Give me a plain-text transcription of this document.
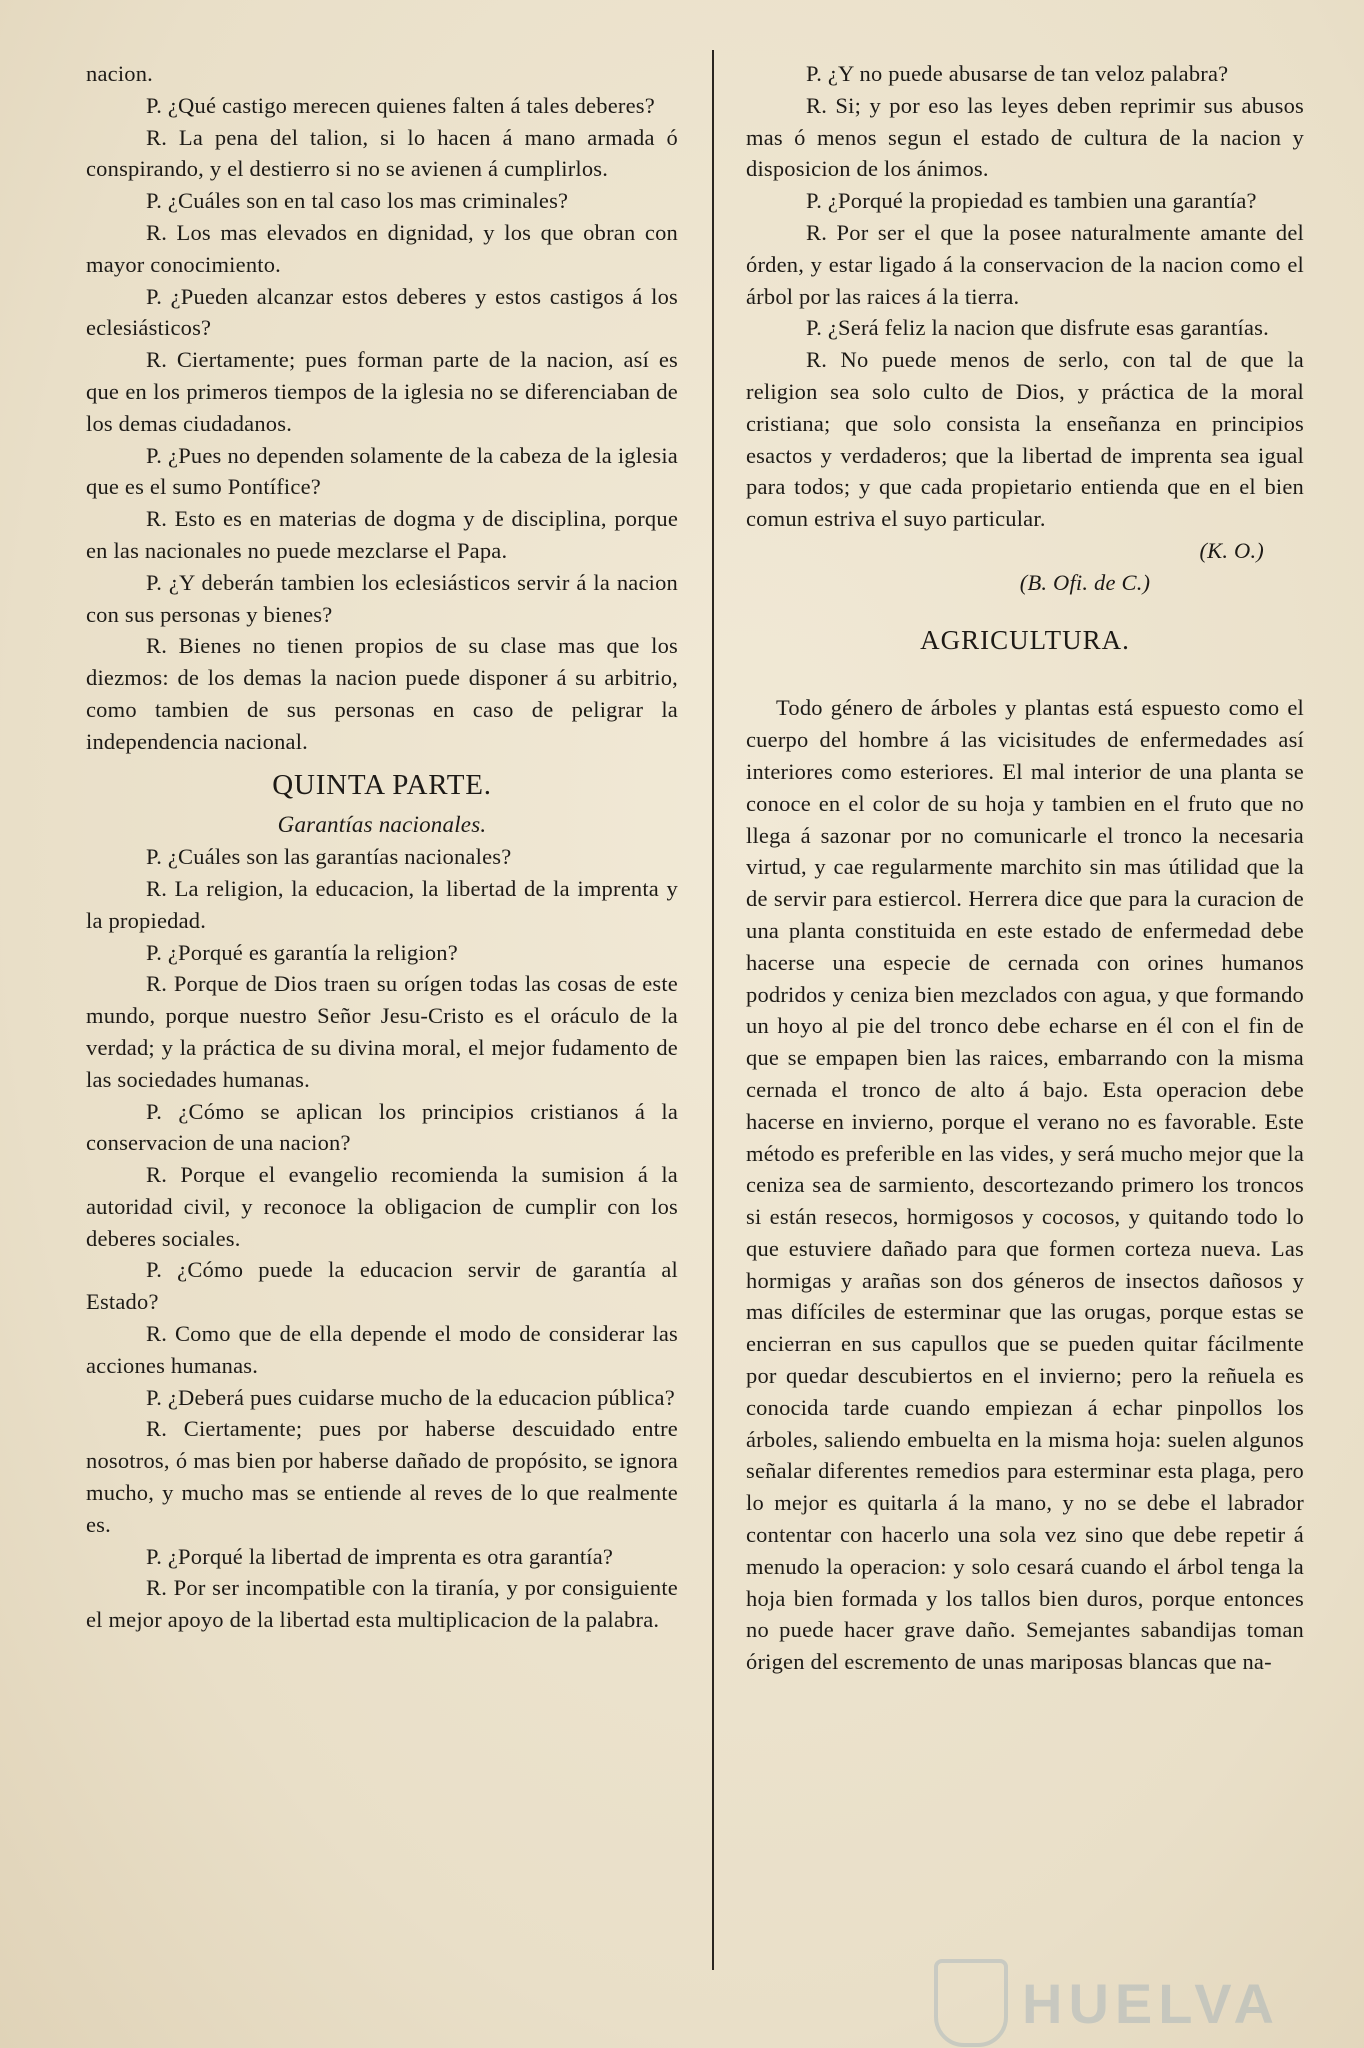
nacion.

P. ¿Qué castigo merecen quienes falten á tales deberes?

R. La pena del talion, si lo hacen á mano armada ó conspirando, y el destierro si no se avienen á cumplirlos.

P. ¿Cuáles son en tal caso los mas criminales?

R. Los mas elevados en dignidad, y los que obran con mayor conocimiento.

P. ¿Pueden alcanzar estos deberes y estos castigos á los eclesiásticos?

R. Ciertamente; pues forman parte de la nacion, así es que en los primeros tiempos de la iglesia no se diferenciaban de los demas ciudadanos.

P. ¿Pues no dependen solamente de la cabeza de la iglesia que es el sumo Pontífice?

R. Esto es en materias de dogma y de disciplina, porque en las nacionales no puede mezclarse el Papa.

P. ¿Y deberán tambien los eclesiásticos servir á la nacion con sus personas y bienes?

R. Bienes no tienen propios de su clase mas que los diezmos: de los demas la nacion puede disponer á su arbitrio, como tambien de sus personas en caso de peligrar la independencia nacional.

QUINTA PARTE.

Garantías nacionales.

P. ¿Cuáles son las garantías nacionales?

R. La religion, la educacion, la libertad de la imprenta y la propiedad.

P. ¿Porqué es garantía la religion?

R. Porque de Dios traen su orígen todas las cosas de este mundo, porque nuestro Señor Jesu-Cristo es el oráculo de la verdad; y la práctica de su divina moral, el mejor fudamento de las sociedades humanas.

P. ¿Cómo se aplican los principios cristianos á la conservacion de una nacion?

R. Porque el evangelio recomienda la sumision á la autoridad civil, y reconoce la obligacion de cumplir con los deberes sociales.

P. ¿Cómo puede la educacion servir de garantía al Estado?

R. Como que de ella depende el modo de considerar las acciones humanas.

P. ¿Deberá pues cuidarse mucho de la educacion pública?

R. Ciertamente; pues por haberse descuidado entre nosotros, ó mas bien por haberse dañado de propósito, se ignora mucho, y mucho mas se entiende al reves de lo que realmente es.

P. ¿Porqué la libertad de imprenta es otra garantía?

R. Por ser incompatible con la tiranía, y por consiguiente el mejor apoyo de la libertad esta multiplicacion de la palabra.

P. ¿Y no puede abusarse de tan veloz palabra?

R. Si; y por eso las leyes deben reprimir sus abusos mas ó menos segun el estado de cultura de la nacion y disposicion de los ánimos.

P. ¿Porqué la propiedad es tambien una garantía?

R. Por ser el que la posee naturalmente amante del órden, y estar ligado á la conservacion de la nacion como el árbol por las raices á la tierra.

P. ¿Será feliz la nacion que disfrute esas garantías.

R. No puede menos de serlo, con tal de que la religion sea solo culto de Dios, y práctica de la moral cristiana; que solo consista la enseñanza en principios esactos y verdaderos; que la libertad de imprenta sea igual para todos; y que cada propietario entienda que en el bien comun estriva el suyo particular.

(K. O.)

(B. Ofi. de C.)

AGRICULTURA.

Todo género de árboles y plantas está espuesto como el cuerpo del hombre á las vicisitudes de enfermedades así interiores como esteriores. El mal interior de una planta se conoce en el color de su hoja y tambien en el fruto que no llega á sazonar por no comunicarle el tronco la necesaria virtud, y cae regularmente marchito sin mas útilidad que la de servir para estiercol. Herrera dice que para la curacion de una planta constituida en este estado de enfermedad debe hacerse una especie de cernada con orines humanos podridos y ceniza bien mezclados con agua, y que formando un hoyo al pie del tronco debe echarse en él con el fin de que se empapen bien las raices, embarrando con la misma cernada el tronco de alto á bajo. Esta operacion debe hacerse en invierno, porque el verano no es favorable. Este método es preferible en las vides, y será mucho mejor que la ceniza sea de sarmiento, descortezando primero los troncos si están resecos, hormigosos y cocosos, y quitando todo lo que estuviere dañado para que formen corteza nueva. Las hormigas y arañas son dos géneros de insectos dañosos y mas difíciles de esterminar que las orugas, porque estas se encierran en sus capullos que se pueden quitar fácilmente por quedar descubiertos en el invierno; pero la reñuela es conocida tarde cuando empiezan á echar pinpollos los árboles, saliendo embuelta en la misma hoja: suelen algunos señalar diferentes remedios para esterminar esta plaga, pero lo mejor es quitarla á la mano, y no se debe el labrador contentar con hacerlo una sola vez sino que debe repetir á menudo la operacion: y solo cesará cuando el árbol tenga la hoja bien formada y los tallos bien duros, porque entonces no puede hacer grave daño. Semejantes sabandijas toman órigen del escremento de unas mariposas blancas que na-

HUELVA
